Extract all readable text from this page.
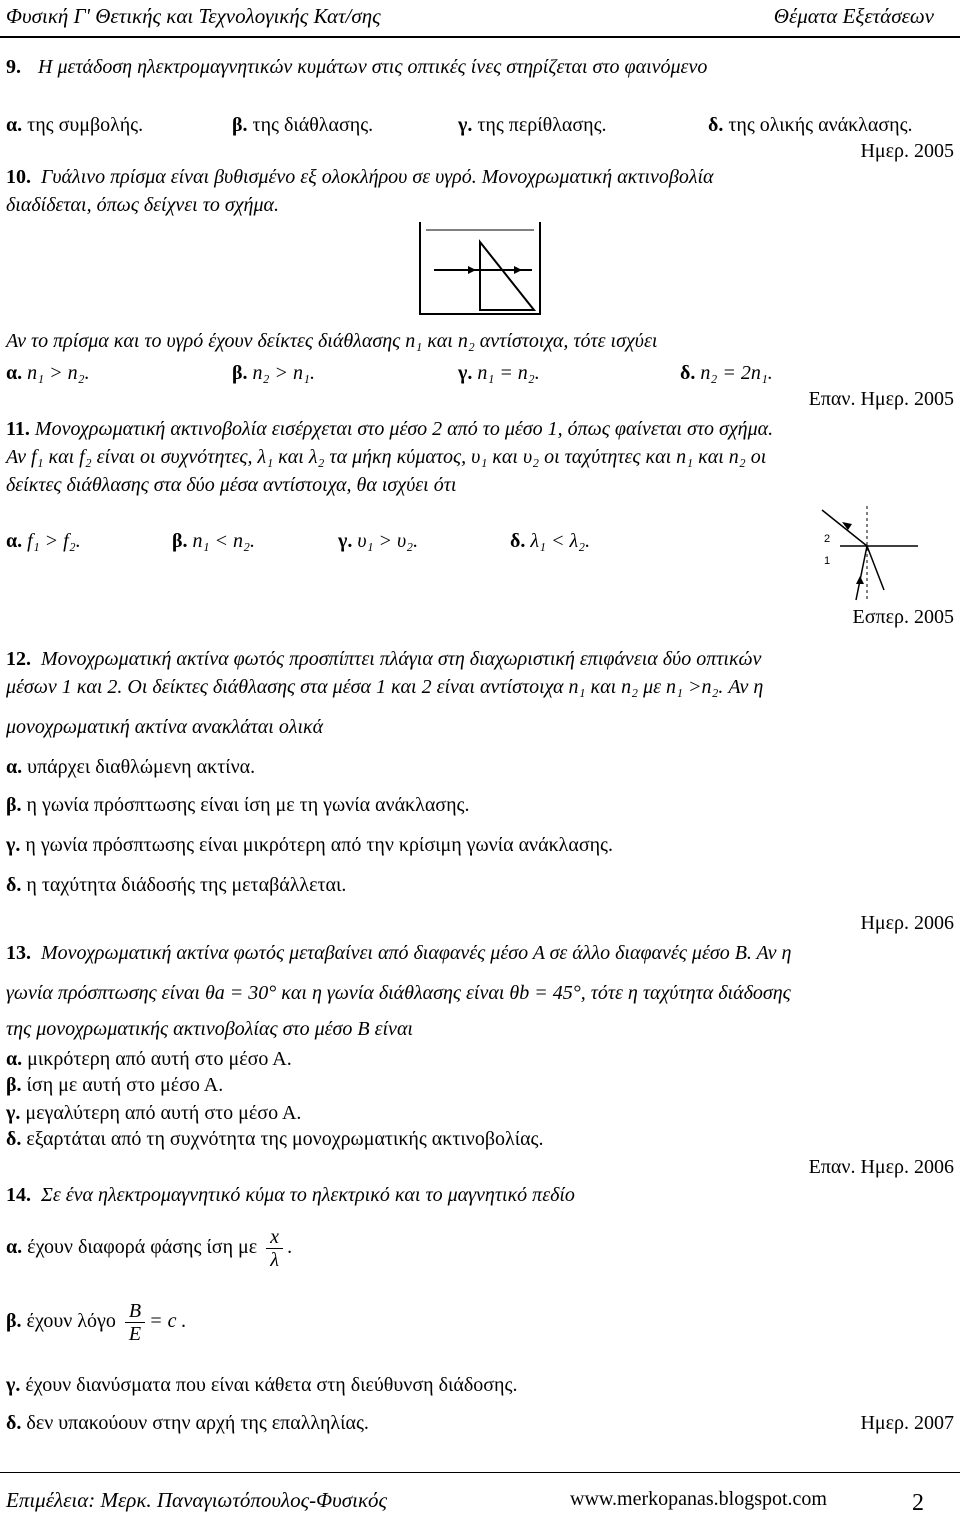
Φυσική Γ' Θετικής και Τεχνολογικής Κατ/σης	Θέματα Εξετάσεων
9. Η μετάδοση ηλεκτρομαγνητικών κυμάτων στις οπτικές ίνες στηρίζεται στο φαινόμενο
α. της συμβολής.	β. της διάθλασης.	γ. της περίθλασης.	δ. της ολικής ανάκλασης.
Ημερ. 2005
10. Γυάλινο πρίσμα είναι βυθισμένο εξ ολοκλήρου σε υγρό. Μονοχρωματική ακτινοβολία
διαδίδεται, όπως δείχνει το σχήμα.
Αν το πρίσμα και το υγρό έχουν δείκτες διάθλασης n₁ και n₂ αντίστοιχα, τότε ισχύει
α. n₁ > n₂.	β. n₂ > n₁.	γ. n₁ = n₂.	δ. n₂ = 2n₁.
Επαν. Ημερ. 2005
11. Μονοχρωματική ακτινοβολία εισέρχεται στο μέσο 2 από το μέσο 1, όπως φαίνεται στο σχήμα.
Αν f₁ και f₂ είναι οι συχνότητες, λ₁ και λ₂ τα μήκη κύματος, υ₁ και υ₂ οι ταχύτητες και n₁ και n₂ οι
δείκτες διάθλασης στα δύο μέσα αντίστοιχα, θα ισχύει ότι
α. f₁ > f₂.	β. n₁ < n₂.	γ. υ₁ > υ₂.	δ. λ₁ < λ₂.	2
1
Εσπερ. 2005
12. Μονοχρωματική ακτίνα φωτός προσπίπτει πλάγια στη διαχωριστική επιφάνεια δύο οπτικών
μέσων 1 και 2. Οι δείκτες διάθλασης στα μέσα 1 και 2 είναι αντίστοιχα n₁ και n₂ με n₁ >n₂. Αν η
μονοχρωματική ακτίνα ανακλάται ολικά
α. υπάρχει διαθλώμενη ακτίνα.
β. η γωνία πρόσπτωσης είναι ίση με τη γωνία ανάκλασης.
γ. η γωνία πρόσπτωσης είναι μικρότερη από την κρίσιμη γωνία ανάκλασης.
δ. η ταχύτητα διάδοσής της μεταβάλλεται.
Ημερ. 2006
13. Μονοχρωματική ακτίνα φωτός μεταβαίνει από διαφανές μέσο Α σε άλλο διαφανές μέσο Β. Αν η
γωνία πρόσπτωσης είναι θa = 30° και η γωνία διάθλασης είναι θb = 45°, τότε η ταχύτητα διάδοσης
της μονοχρωματικής ακτινοβολίας στο μέσο Β είναι
α. μικρότερη από αυτή στο μέσο Α.
β. ίση με αυτή στο μέσο Α.
γ. μεγαλύτερη από αυτή στο μέσο Α.
δ. εξαρτάται από τη συχνότητα της μονοχρωματικής ακτινοβολίας.
Επαν. Ημερ. 2006
14. Σε ένα ηλεκτρομαγνητικό κύμα το ηλεκτρικό και το μαγνητικό πεδίο
α. έχουν διαφορά φάσης ίση με $\frac{x}{\lambda}$ .
β. έχουν λόγο $\frac{B}{E} = c$ .
γ. έχουν διανύσματα που είναι κάθετα στη διεύθυνση διάδοσης.
δ. δεν υπακούουν στην αρχή της επαλληλίας.	Ημερ. 2007
Επιμέλεια: Μερκ. Παναγιωτόπουλος-Φυσικός	www.merkopanas.blogspot.com	2
